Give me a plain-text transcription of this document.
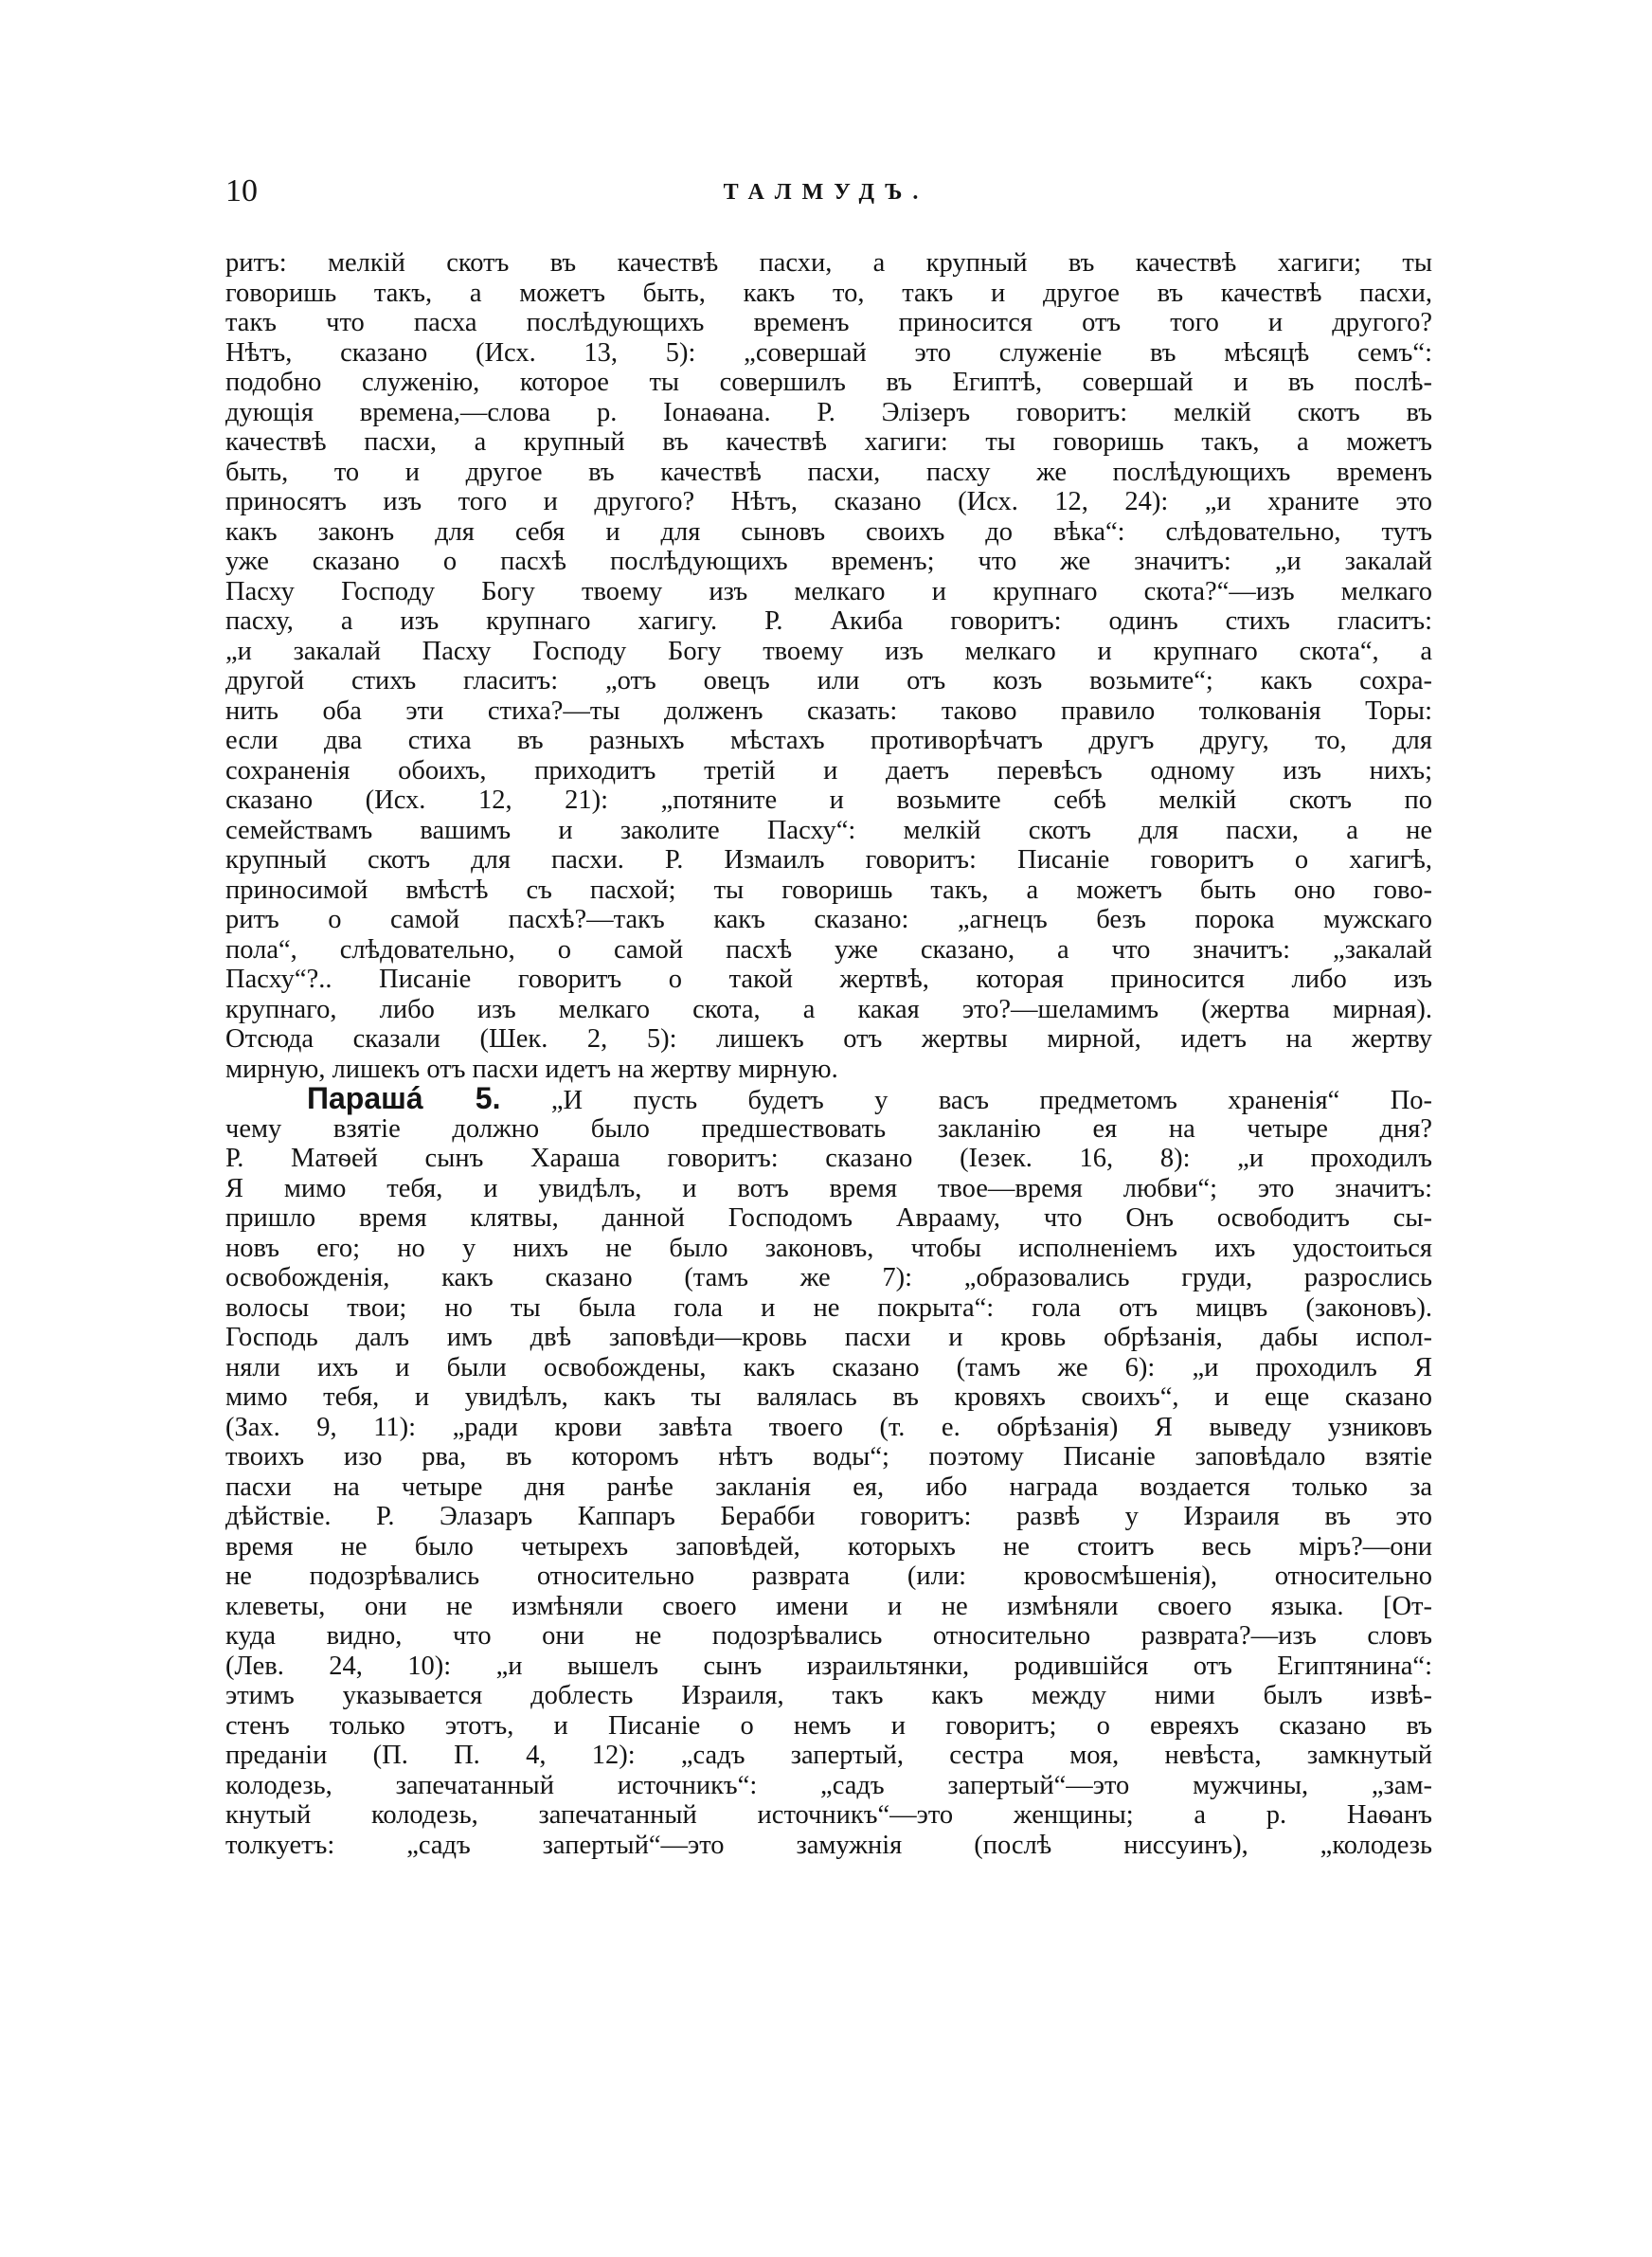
10	ТАЛМУДЪ.
ритъ: мелкій скотъ въ качествѣ пасхи, а крупный въ качествѣ хагиги; ты
говоришь такъ, а можетъ быть, какъ то, такъ и другое въ качествѣ пасхи,
такъ что пасха послѣдующихъ временъ приносится отъ того и другого?
Нѣтъ, сказано (Исх. 13, 5): „совершай это служеніе въ мѣсяцѣ семъ“:
подобно служенію, которое ты совершилъ въ Египтѣ, совершай и въ послѣ-
дующія времена,—слова р. Іонаѳана. Р. Элізеръ говоритъ: мелкій скотъ въ
качествѣ пасхи, а крупный въ качествѣ хагиги: ты говоришь такъ, а можетъ
быть, то и другое въ качествѣ пасхи, пасху же послѣдующихъ временъ
приносятъ изъ того и другого? Нѣтъ, сказано (Исх. 12, 24): „и храните это
какъ законъ для себя и для сыновъ своихъ до вѣка“: слѣдовательно, тутъ
уже сказано о пасхѣ послѣдующихъ временъ; что же значитъ: „и закалай
Пасху Господу Богу твоему изъ мелкаго и крупнаго скота?“—изъ мелкаго
пасху, а изъ крупнаго хагигу. Р. Акиба говоритъ: одинъ стихъ гласитъ:
„и закалай Пасху Господу Богу твоему изъ мелкаго и крупнаго скота“, а
другой стихъ гласитъ: „отъ овецъ или отъ козъ возьмите“; какъ сохра-
нить оба эти стиха?—ты долженъ сказать: таково правило толкованія Торы:
если два стиха въ разныхъ мѣстахъ противорѣчатъ другъ другу, то, для
сохраненія обоихъ, приходитъ третій и даетъ перевѣсъ одному изъ нихъ;
сказано (Исх. 12, 21): „потяните и возьмите себѣ мелкій скотъ по
семействамъ вашимъ и заколите Пасху“: мелкій скотъ для пасхи, а не
крупный скотъ для пасхи. Р. Измаилъ говоритъ: Писаніе говоритъ о хагигѣ,
приносимой вмѣстѣ съ пасхой; ты говоришь такъ, а можетъ быть оно гово-
ритъ о самой пасхѣ?—такъ какъ сказано: „агнецъ безъ порока мужскаго
пола“, слѣдовательно, о самой пасхѣ уже сказано, а что значитъ: „закалай
Пасху“?.. Писаніе говоритъ о такой жертвѣ, которая приносится либо изъ
крупнаго, либо изъ мелкаго скота, а какая это?—шеламимъ (жертва мирная).
Отсюда сказали (Шек. 2, 5): лишекъ отъ жертвы мирной, идетъ на жертву
мирную, лишекъ отъ пасхи идетъ на жертву мирную.
Парашá 5. „И пусть будетъ у васъ предметомъ храненія“ По-
чему взятіе должно было предшествовать закланію ея на четыре дня?
Р. Матѳей сынъ Хараша говоритъ: сказано (Іезек. 16, 8): „и проходилъ
Я мимо тебя, и увидѣлъ, и вотъ время твое—время любви“; это значитъ:
пришло время клятвы, данной Господомъ Аврааму, что Онъ освободитъ сы-
новъ его; но у нихъ не было законовъ, чтобы исполненіемъ ихъ удостоиться
освобожденія, какъ сказано (тамъ же 7): „образовались груди, разрослись
волосы твои; но ты была гола и не покрыта“: гола отъ мицвъ (законовъ).
Господь далъ имъ двѣ заповѣди—кровь пасхи и кровь обрѣзанія, дабы испол-
няли ихъ и были освобождены, какъ сказано (тамъ же 6): „и проходилъ Я
мимо тебя, и увидѣлъ, какъ ты валялась въ кровяхъ своихъ“, и еще сказано
(Зах. 9, 11): „ради крови завѣта твоего (т. е. обрѣзанія) Я выведу узниковъ
твоихъ изо рва, въ которомъ нѣтъ воды“; поэтому Писаніе заповѣдало взятіе
пасхи на четыре дня ранѣе закланія ея, ибо награда воздается только за
дѣйствіе. Р. Элазаръ Каппаръ Берабби говоритъ: развѣ у Израиля въ это
время не было четырехъ заповѣдей, которыхъ не стоитъ весь міръ?—они
не подозрѣвались относительно разврата (или: кровосмѣшенія), относительно
клеветы, они не измѣняли своего имени и не измѣняли своего языка. [От-
куда видно, что они не подозрѣвались относительно разврата?—изъ словъ
(Лев. 24, 10): „и вышелъ сынъ израильтянки, родившійся отъ Египтянина“:
этимъ указывается доблесть Израиля, такъ какъ между ними былъ извѣ-
стенъ только этотъ, и Писаніе о немъ и говоритъ; о евреяхъ сказано въ
преданіи (П. П. 4, 12): „садъ запертый, сестра моя, невѣста, замкнутый
колодезь, запечатанный источникъ“: „садъ запертый“—это мужчины, „зам-
кнутый колодезь, запечатанный источникъ“—это женщины; а р. Наѳанъ
толкуетъ: „садъ запертый“—это замужнія (послѣ ниссуинъ), „колодезь
